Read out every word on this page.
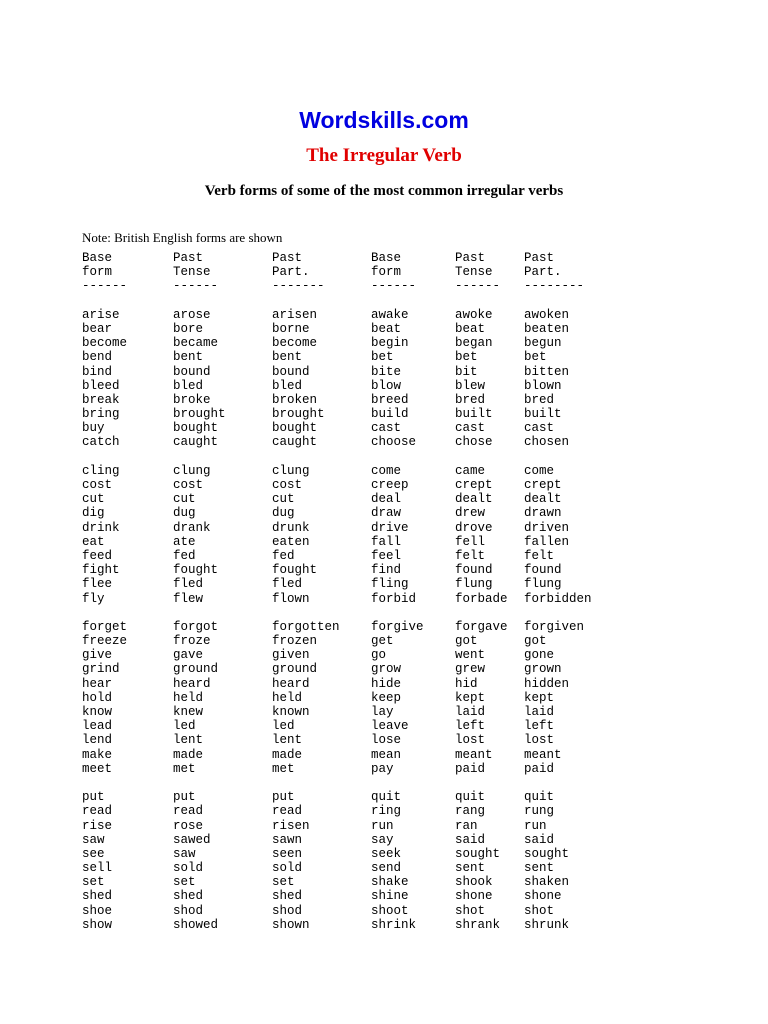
Wordskills.com
The Irregular Verb
Verb forms of some of the most common irregular verbs
Note: British English forms are shown
Base	Past	Past	Base	Past	Past
form	Tense	Part.	form	Tense	Part.
------	------	-------	------	------ --------
arise	arose	arisen	awake	awoke	awoken
bear	bore	borne	beat	beat	beaten
become	became	become	begin	began	begun
bend	bent	bent	bet	bet	bet
bind	bound	bound	bite	bit	bitten
bleed	bled	bled	blow	blew	blown
break	broke	broken	breed	bred	bred
bring	brought	brought	build	built	built
buy	bought	bought	cast	cast	cast
catch	caught	caught	choose	chose	chosen
cling	clung	clung	come	came	come
cost	cost	cost	creep	crept	crept
cut	cut	cut	deal	dealt	dealt
dig	dug	dug	draw	drew	drawn
drink	drank	drunk	drive	drove	driven
eat	ate	eaten	fall	fell	fallen
feed	fed	fed	feel	felt	felt
fight	fought	fought	find	found	found
flee	fled	fled	fling	flung	flung
fly	flew	flown	forbid	forbade forbidden
forget	forgot	forgotten	forgive	forgave forgiven
freeze	froze	frozen	get	got	got
give	gave	given	go	went	gone
grind	ground	ground	grow	grew	grown
hear	heard	heard	hide	hid	hidden
hold	held	held	keep	kept	kept
know	knew	known	lay	laid	laid
lead	led	led	leave	left	left
lend	lent	lent	lose	lost	lost
make	made	made	mean	meant	meant
meet	met	met	pay	paid	paid
put	put	put	quit	quit	quit
read	read	read	ring	rang	rung
rise	rose	risen	run	ran	run
saw	sawed	sawn	say	said	said
see	saw	seen	seek	sought sought
sell	sold	sold	send	sent	sent
set	set	set	shake	shook	shaken
shed	shed	shed	shine	shone	shone
shoe	shod	shod	shoot	shot	shot
show	showed	shown	shrink	shrank shrunk
